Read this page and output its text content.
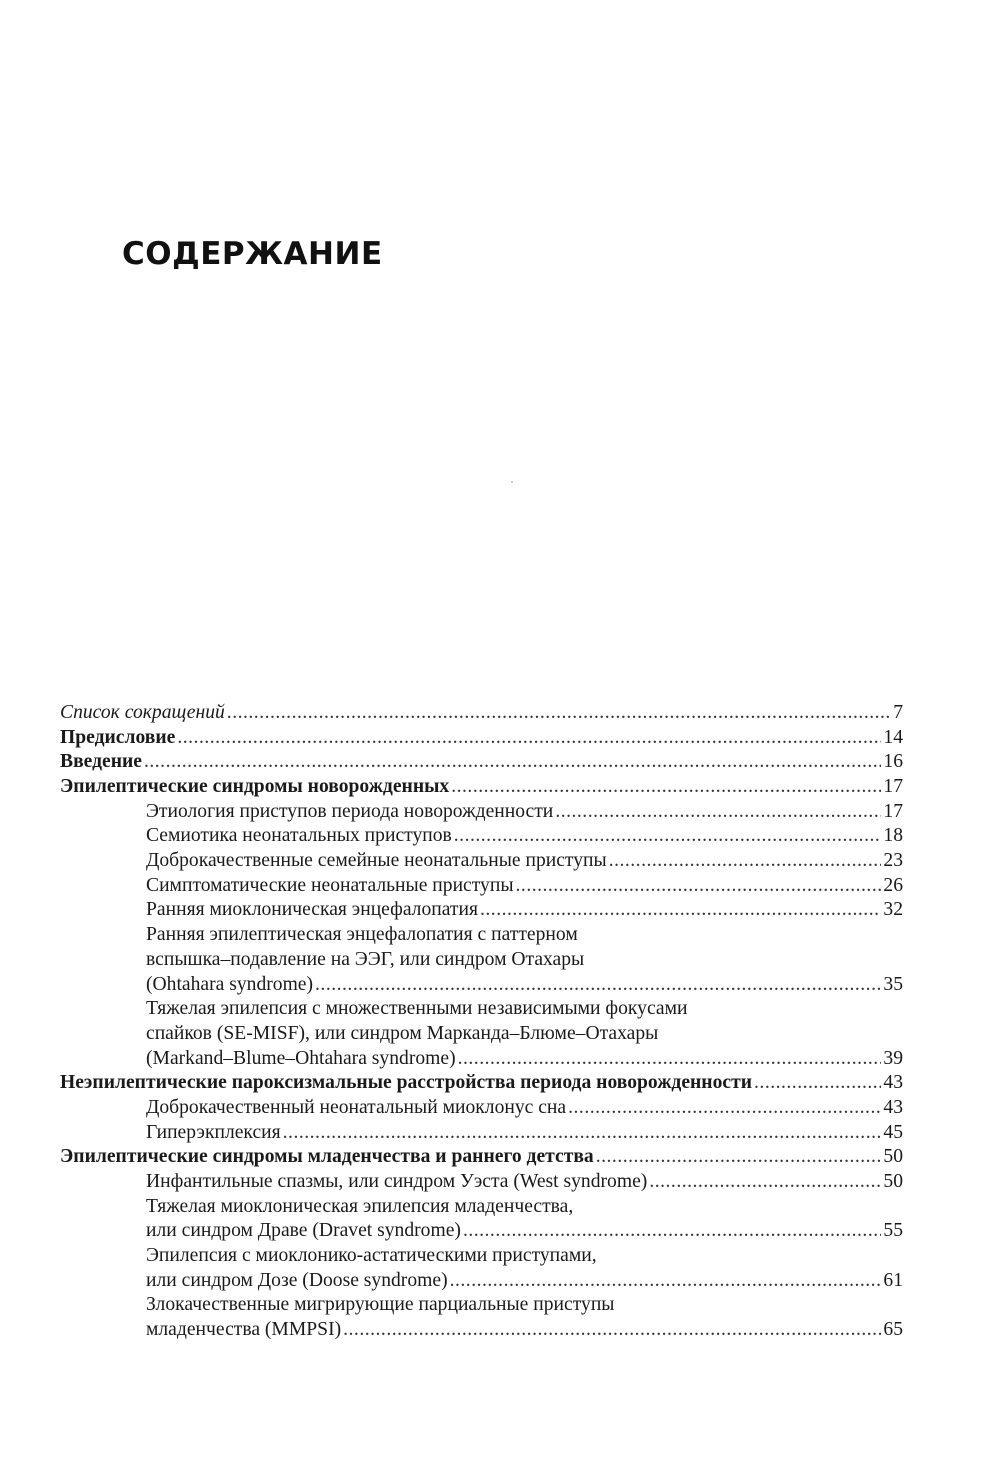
СОДЕРЖАНИЕ
Список сокращений .....	7
Предисловие .....	14
Введение .....	16
Эпилептические синдромы новорожденных .....	17
Этиология приступов периода новорожденности .....	17
Семиотика неонатальных приступов .....	18
Доброкачественные семейные неонатальные приступы .....	23
Симптоматические неонатальные приступы .....	26
Ранняя миоклоническая энцефалопатия .....	32
Ранняя эпилептическая энцефалопатия с паттерном
вспышка–подавление на ЭЭГ, или синдром Отахары
(Ohtahara syndrome) .....	35
Тяжелая эпилепсия с множественными независимыми фокусами
спайков (SE-MISF), или синдром Марканда–Блюме–Отахары
(Markand–Blume–Ohtahara syndrome) .....	39
Неэпилептические пароксизмальные расстройства периода новорожденности .....	43
Доброкачественный неонатальный миоклонус сна .....	43
Гиперэкплексия .....	45
Эпилептические синдромы младенчества и раннего детства .....	50
Инфантильные спазмы, или синдром Уэста (West syndrome) .....	50
Тяжелая миоклоническая эпилепсия младенчества,
или синдром Драве (Dravet syndrome) .....	55
Эпилепсия с миоклонико-астатическими приступами,
или синдром Дозе (Doose syndrome) .....	61
Злокачественные мигрирующие парциальные приступы
младенчества (MMPSI) .....	65
